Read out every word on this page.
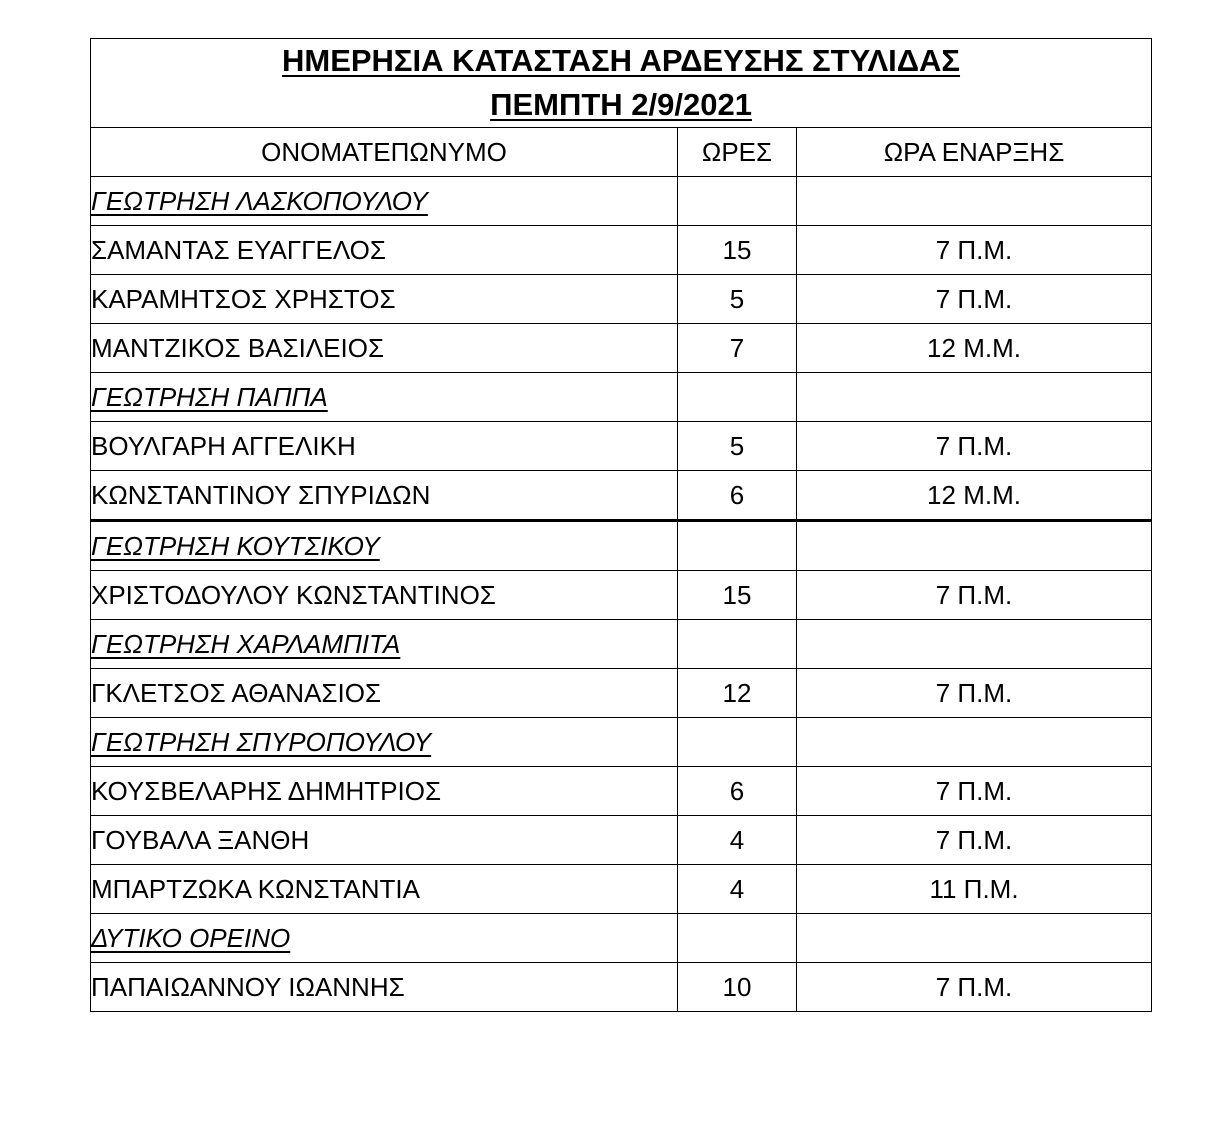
ΗΜΕΡΗΣΙΑ ΚΑΤΑΣΤΑΣΗ ΑΡΔΕΥΣΗΣ ΣΤΥΛΙΔΑΣ
ΠΕΜΠΤΗ 2/9/2021		

ΟΝΟΜΑΤΕΠΩΝΥΜΟ	ΩΡΕΣ	ΩΡΑ ΕΝΑΡΞΗΣ
ΓΕΩΤΡΗΣΗ ΛΑΣΚΟΠΟΥΛΟΥ		
ΣΑΜΑΝΤΑΣ ΕΥΑΓΓΕΛΟΣ	15	7 Π.Μ.
ΚΑΡΑΜΗΤΣΟΣ ΧΡΗΣΤΟΣ	5	7 Π.Μ.
ΜΑΝΤΖΙΚΟΣ ΒΑΣΙΛΕΙΟΣ	7	12 Μ.Μ.
ΓΕΩΤΡΗΣΗ ΠΑΠΠΑ		
ΒΟΥΛΓΑΡΗ ΑΓΓΕΛΙΚΗ	5	7 Π.Μ.
ΚΩΝΣΤΑΝΤΙΝΟΥ ΣΠΥΡΙΔΩΝ	6	12 Μ.Μ.
ΓΕΩΤΡΗΣΗ ΚΟΥΤΣΙΚΟΥ		
ΧΡΙΣΤΟΔΟΥΛΟΥ ΚΩΝΣΤΑΝΤΙΝΟΣ	15	7 Π.Μ.
ΓΕΩΤΡΗΣΗ ΧΑΡΛΑΜΠΙΤΑ		
ΓΚΛΕΤΣΟΣ ΑΘΑΝΑΣΙΟΣ	12	7 Π.Μ.
ΓΕΩΤΡΗΣΗ ΣΠΥΡΟΠΟΥΛΟΥ		
ΚΟΥΣΒΕΛΑΡΗΣ ΔΗΜΗΤΡΙΟΣ	6	7 Π.Μ.
ΓΟΥΒΑΛΑ ΞΑΝΘΗ	4	7 Π.Μ.
ΜΠΑΡΤΖΩΚΑ ΚΩΝΣΤΑΝΤΙΑ	4	11 Π.Μ.
ΔΥΤΙΚΟ ΟΡΕΙΝΟ		
ΠΑΠΑΙΩΑΝΝΟΥ ΙΩΑΝΝΗΣ	10	7 Π.Μ.
